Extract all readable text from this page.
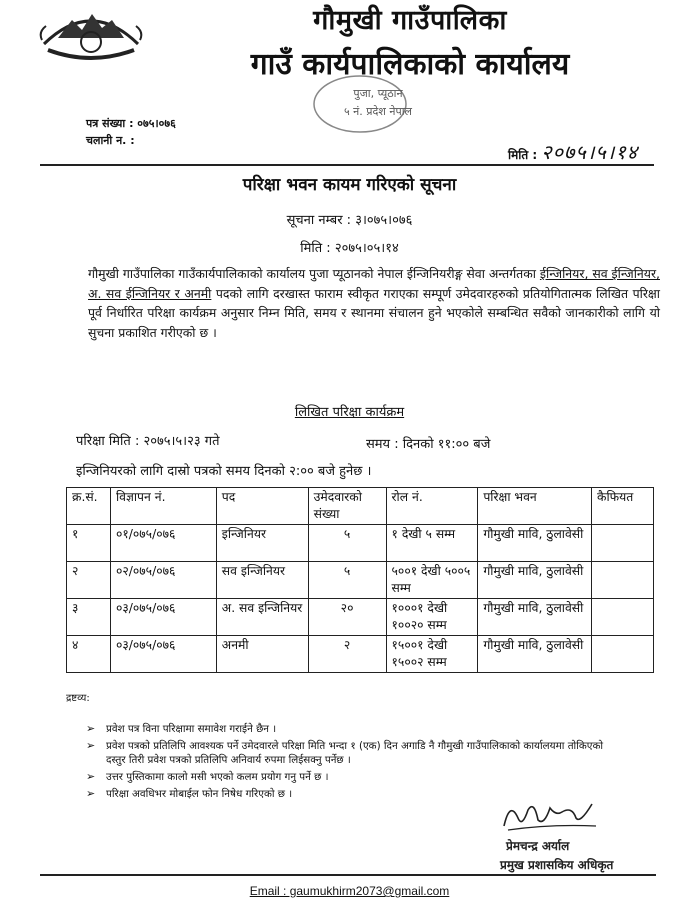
गौमुखी गाउँपालिका
गाउँ कार्यपालिकाको कार्यालय
पुजा, प्यूठान
५ नं. प्रदेश नेपाल
पत्र संख्या : ०७५।०७६
चलानी न. :
मिति : २०७५।५।१४
परिक्षा भवन कायम गरिएको सूचना
सूचना नम्बर : ३।०७५।०७६
मिति : २०७५।०५।१४
गौमुखी गाउँपालिका गाउँकार्यपालिकाको कार्यालय पुजा प्यूठानको नेपाल ईन्जिनियरीङ्ग सेवा अन्तर्गतका ईन्जिनियर, सव ईन्जिनियर, अ. सव ईन्जिनियर र अनमी पदको लागि दरखास्त फाराम स्वीकृत गराएका सम्पूर्ण उमेदवारहरुको प्रतियोगितात्मक लिखित परिक्षा पूर्व निर्धारित परिक्षा कार्यक्रम अनुसार निम्न मिति, समय र स्थानमा संचालन हुने भएकोले सम्बन्धित सवैको जानकारीको लागि यो सुचना प्रकाशित गरीएको छ ।
लिखित परिक्षा कार्यक्रम
परिक्षा मिति : २०७५।५।२३ गते	समय : दिनको ११:०० बजे
इन्जिनियरको लागि दास्रो पत्रको समय दिनको २:०० बजे हुनेछ ।
क्र.सं.	विज्ञापन नं.	पद	उमेदवारको संख्या	रोल नं.	परिक्षा भवन	कैफियत
१	०१/०७५/०७६	इन्जिनियर	५	१ देखी ५ सम्म	गौमुखी मावि, ठुलावेसी	
२	०२/०७५/०७६	सव इन्जिनियर	५	५००१ देखी ५००५ सम्म	गौमुखी मावि, ठुलावेसी	
३	०३/०७५/०७६	अ. सव इन्जिनियर	२०	१०००१ देखी १००२० सम्म	गौमुखी मावि, ठुलावेसी	
४	०३/०७५/०७६	अनमी	२	१५००१ देखी १५००२ सम्म	गौमुखी मावि, ठुलावेसी	
द्रष्टव्य:
➢ प्रवेश पत्र विना परिक्षामा समावेश गराईने छैन ।
➢ प्रवेश पत्रको प्रतिलिपि आवश्यक पर्ने उमेदवारले परिक्षा मिति भन्दा १ (एक) दिन अगाडि नै गौमुखी गाउँपालिकाको कार्यालयमा तोकिएको दस्तुर तिरी प्रवेश पत्रको प्रतिलिपि अनिवार्य रुपमा लिईसक्नु पर्नेछ ।
➢ उत्तर पुस्तिकामा कालो मसी भएको कलम प्रयोग गनु पर्ने छ ।
➢ परिक्षा अवधिभर मोबाईल फोन निषेध गरिएको छ ।
प्रेमचन्द्र अर्याल
प्रमुख प्रशासकिय अधिकृत
Email : gaumukhirm2073@gmail.com
